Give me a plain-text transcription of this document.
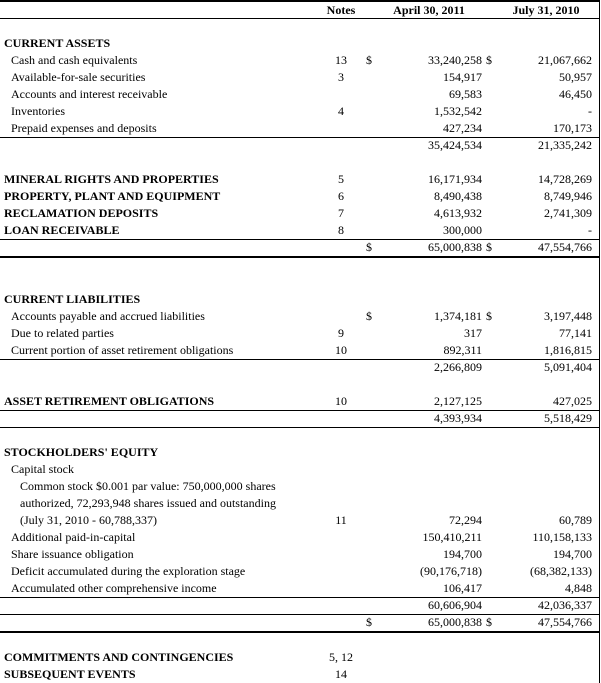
Notes	April 30, 2011	July 31, 2010
CURRENT ASSETS
Cash and cash equivalents	13	$	33,240,258 $	21,067,662
Available-for-sale securities	3	154,917	50,957
Accounts and interest receivable	69,583	46,450
Inventories	4	1,532,542	-
Prepaid expenses and deposits	427,234	170,173
35,424,534	21,335,242
MINERAL RIGHTS AND PROPERTIES	5	16,171,934	14,728,269
PROPERTY, PLANT AND EQUIPMENT	6	8,490,438	8,749,946
RECLAMATION DEPOSITS	7	4,613,932	2,741,309
LOAN RECEIVABLE	8	300,000	-
$	65,000,838 $	47,554,766
CURRENT LIABILITIES
Accounts payable and accrued liabilities	$	1,374,181 $	3,197,448
Due to related parties	9	317	77,141
Current portion of asset retirement obligations	10	892,311	1,816,815
2,266,809	5,091,404
ASSET RETIREMENT OBLIGATIONS	10	2,127,125	427,025
4,393,934	5,518,429
STOCKHOLDERS' EQUITY
Capital stock
Common stock $0.001 par value: 750,000,000 shares
authorized, 72,293,948 shares issued and outstanding
(July 31, 2010 - 60,788,337)	11	72,294	60,789
Additional paid-in-capital	150,410,211	110,158,133
Share issuance obligation	194,700	194,700
Deficit accumulated during the exploration stage	(90,176,718)	(68,382,133)
Accumulated other comprehensive income	106,417	4,848
60,606,904	42,036,337
$	65,000,838 $	47,554,766
COMMITMENTS AND CONTINGENCIES	5, 12
SUBSEQUENT EVENTS	14
